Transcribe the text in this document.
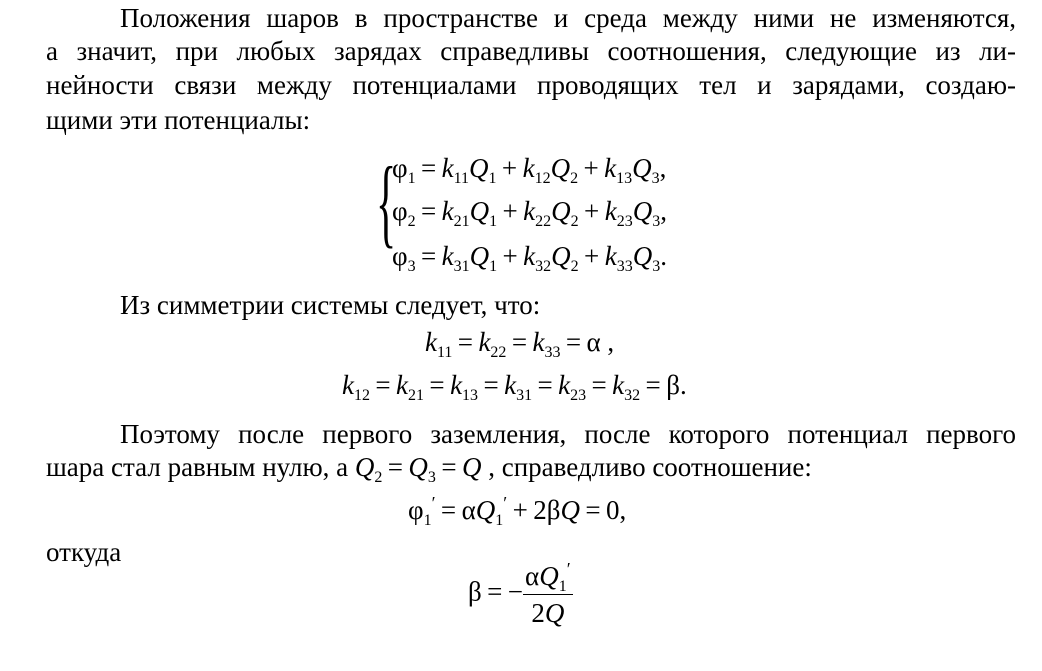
Положения шаров в пространстве и среда между ними не изменяются,

а значит, при любых зарядах справедливы соотношения, следующие из ли-

нейности связи между потенциалами проводящих тел и зарядами, создаю-

щими эти потенциалы:

{
$\varphi_1 = k_{11}Q_1 + k_{12}Q_2 + k_{13}Q_3$,
$\varphi_2 = k_{21}Q_1 + k_{22}Q_2 + k_{23}Q_3$,
$\varphi_3 = k_{31}Q_1 + k_{32}Q_2 + k_{33}Q_3$.
Из симметрии системы следует, что:
$k_{11} = k_{22} = k_{33} = \alpha$ ,
$k_{12} = k_{21} = k_{13} = k_{31} = k_{23} = k_{32} = \beta$.
Поэтому после первого заземления, после которого потенциал первого
шара стал равным нулю, а $Q_2 = Q_3 = Q$ , справедливо соотношение:
$\varphi_1' = \alpha Q_1' + 2\beta Q = 0$,
откуда
β = − $\frac{\alpha Q_1'}{2Q}$
